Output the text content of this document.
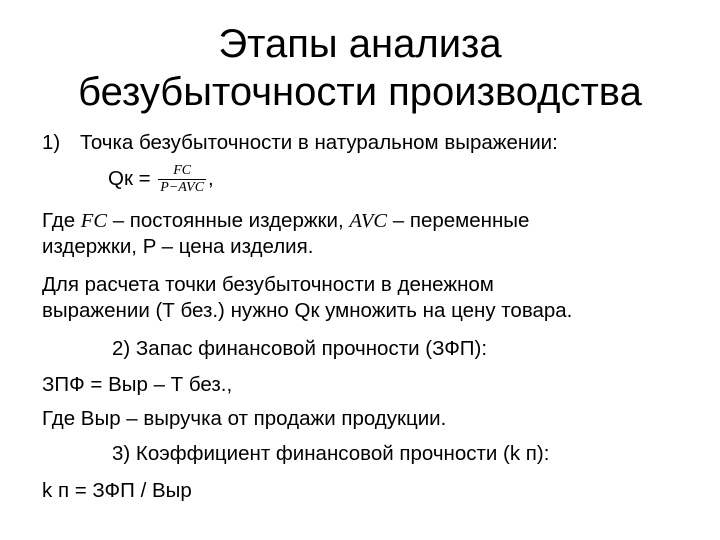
Этапы анализа
безубыточности производства
1) Точка безубыточности в натуральном выражении:
Qк = $\frac{FC}{\text{P−AVC}}$ ,
Где FC – постоянные издержки, AVC – переменные
издержки, P – цена изделия.
Для расчета точки безубыточности в денежном
выражении (Т без.) нужно Qк умножить на цену товара.
2) Запас финансовой прочности (ЗФП):
ЗПФ = Выр – Т без.,
Где Выр – выручка от продажи продукции.
3) Коэффициент финансовой прочности (k п):
k п = ЗФП / Выр
